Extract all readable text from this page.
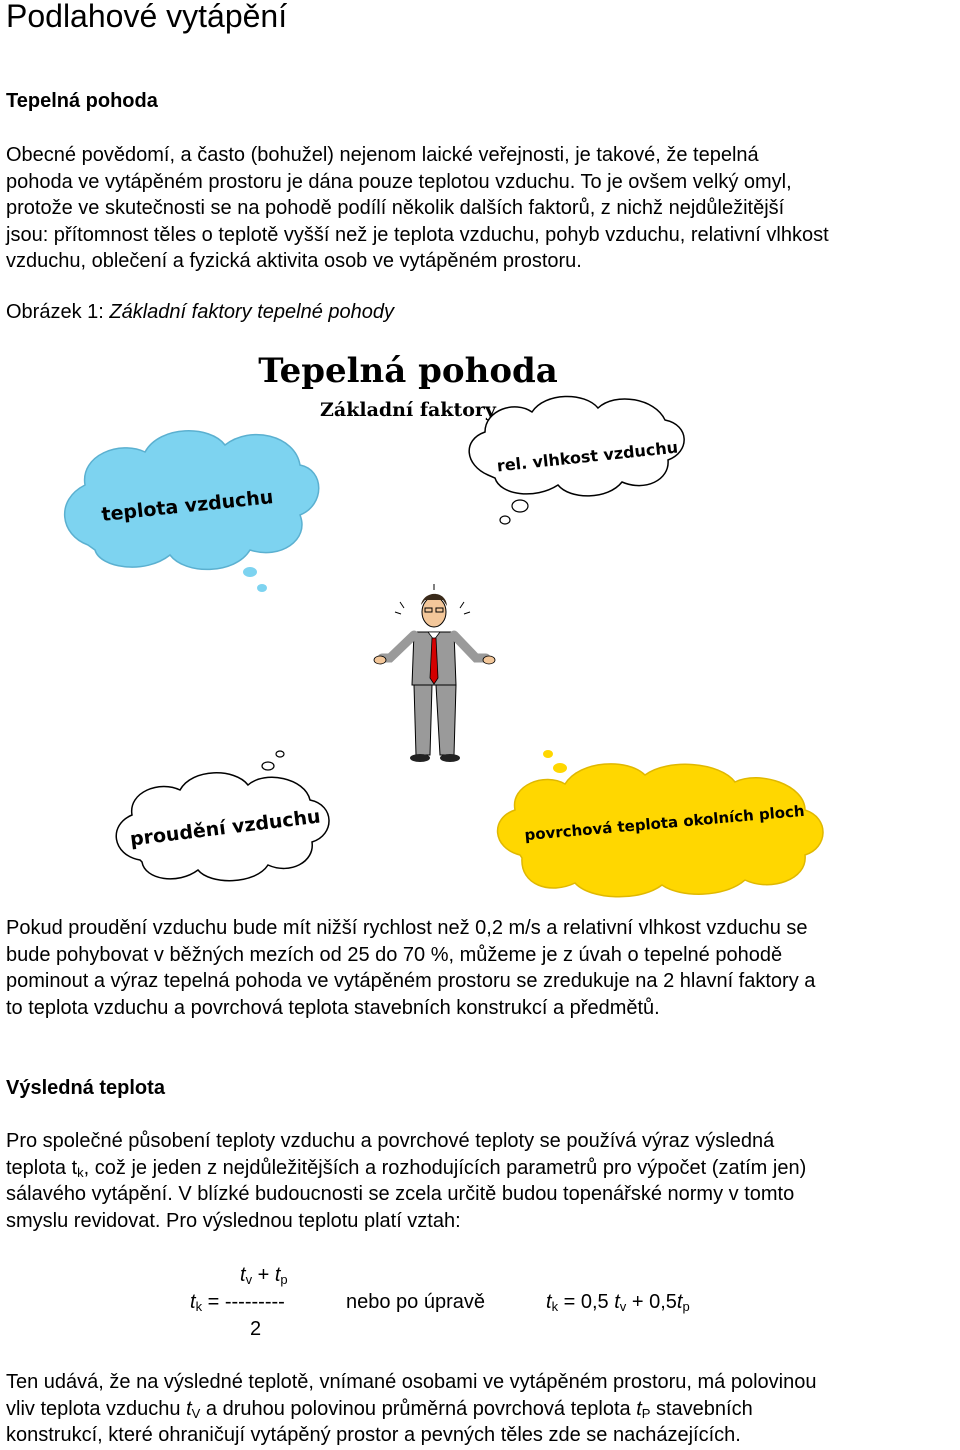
Podlahové vytápění
Tepelná pohoda
Obecné povědomí, a často (bohužel) nejenom laické veřejnosti, je takové, že tepelná
pohoda ve vytápěném prostoru je dána pouze teplotou vzduchu. To je ovšem velký omyl,
protože ve skutečnosti se na pohodě podílí několik dalších faktorů, z nichž nejdůležitější
jsou: přítomnost těles o teplotě vyšší než je teplota vzduchu, pohyb vzduchu, relativní vlhkost
vzduchu, oblečení a fyzická aktivita osob ve vytápěném prostoru.

Obrázek 1: Základní faktory tepelné pohody

Tepelná pohoda
Základní faktory
teplota vzduchu
rel. vlhkost vzduchu
proudění vzduchu	povrchová teplota okolních ploch
Pokud proudění vzduchu bude mít nižší rychlost než 0,2 m/s a relativní vlhkost vzduchu se
bude pohybovat v běžných mezích od 25 do 70 %, můžeme je z úvah o tepelné pohodě
pominout a výraz tepelná pohoda ve vytápěném prostoru se zredukuje na 2 hlavní faktory a
to teplota vzduchu a povrchová teplota stavebních konstrukcí a předmětů.
Výsledná teplota
Pro společné působení teploty vzduchu a povrchové teploty se používá výraz výsledná
teplota $t_k$, což je jeden z nejdůležitějších a rozhodujících parametrů pro výpočet (zatím jen)
sálavého vytápění. V blízké budoucnosti se zcela určitě budou topenářské normy v tomto
smyslu revidovat. Pro výslednou teplotu platí vztah:
$t_v + t_p$
$t_k$ = ---------
2
nebo po úpravě	$t_k = 0,5$ $t_v + 0,5t_p$
Ten udává, že na výsledné teplotě, vnímané osobami ve vytápěném prostoru, má polovinou
vliv teplota vzduchu $t_V$ a druhou polovinou průměrná povrchová teplota $t_P$ stavebních
konstrukcí, které ohraničují vytápěný prostor a pevných těles zde se nacházejících.
